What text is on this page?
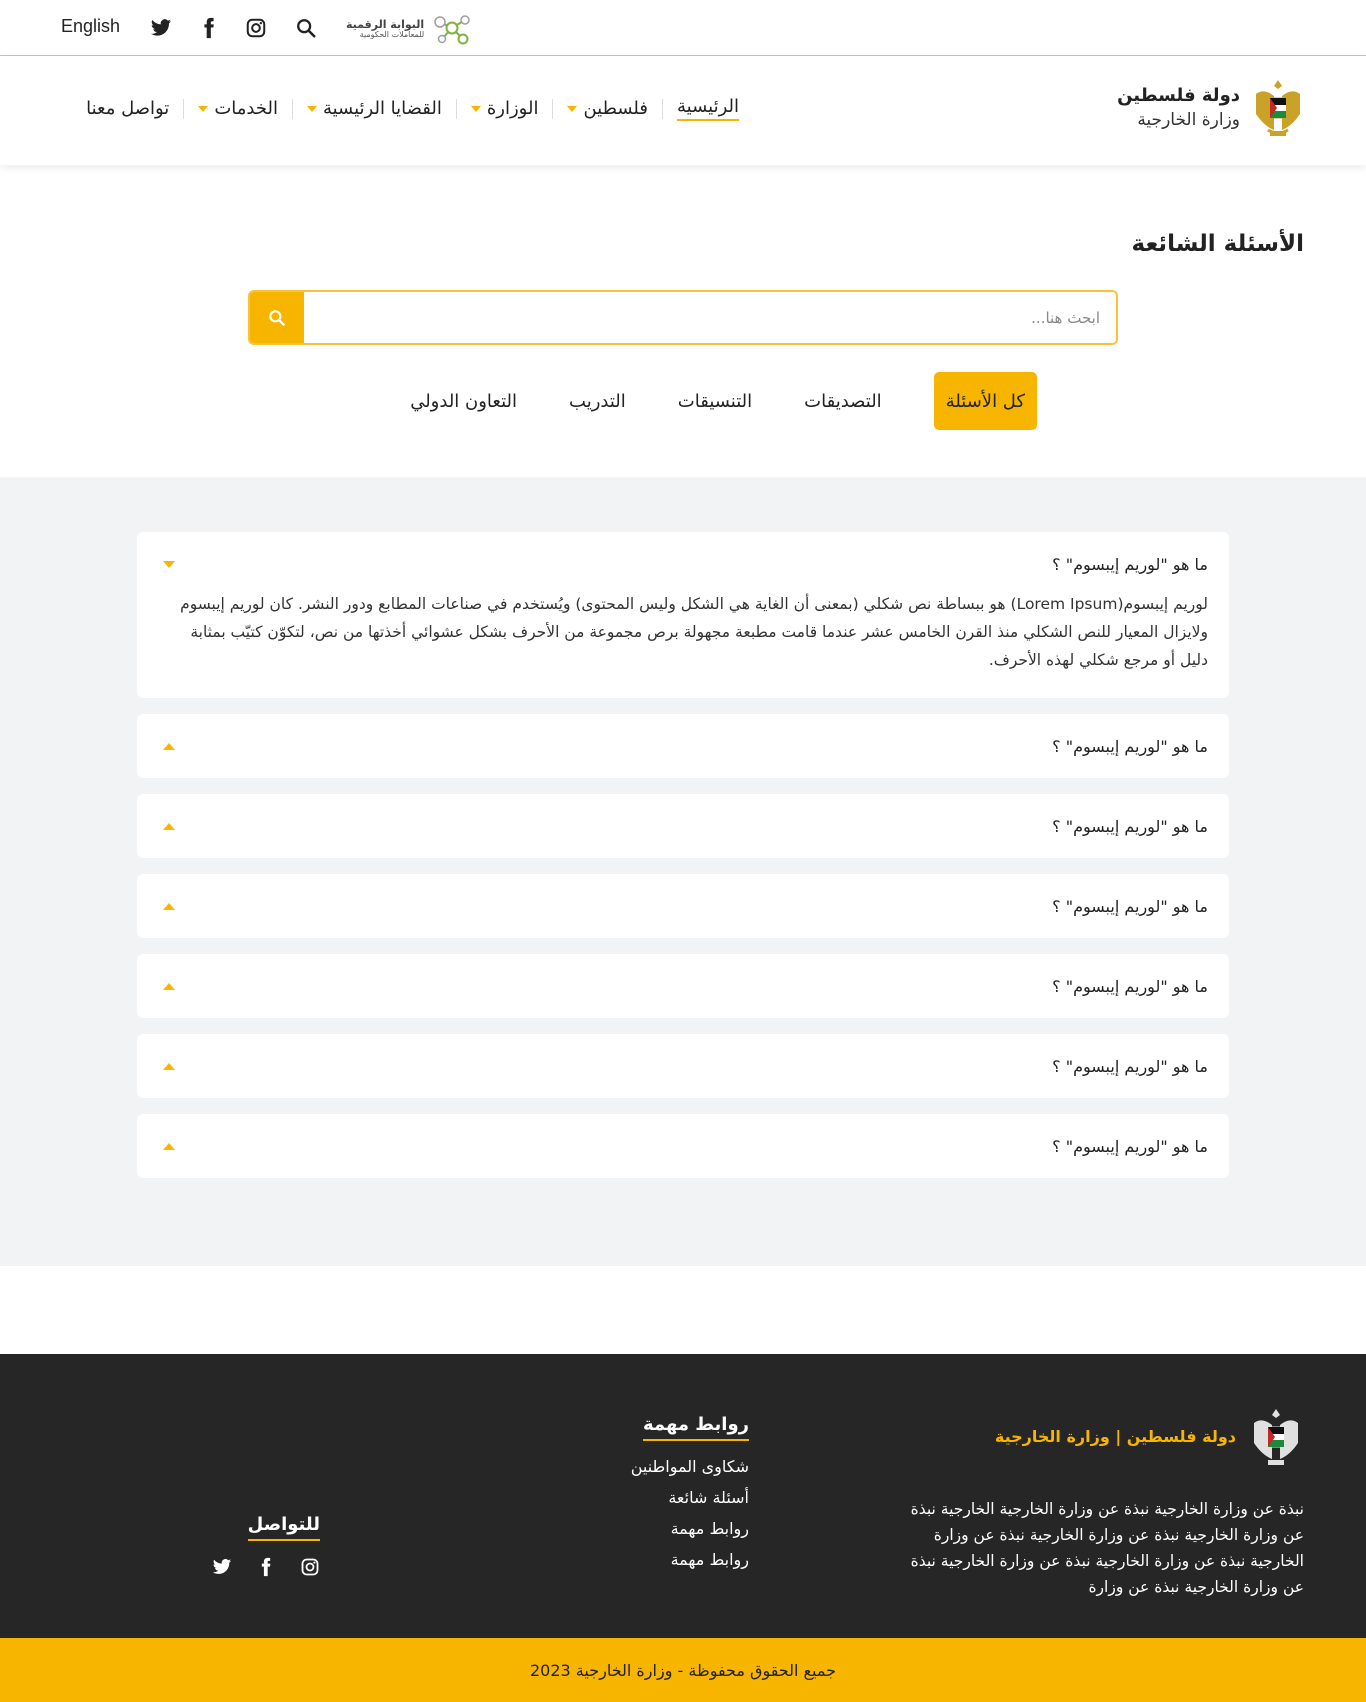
English	البوابة الرقمية
للمعاملات الحكومية
دولة فلسطين
وزارة الخارجية
الرئيسية
فلسطين
الوزارة
القضايا الرئيسية
الخدمات
تواصل معنا
الأسئلة الشائعة
ابحث هنا...
كل الأسئلة
التصديقات
التنسيقات
التدريب
التعاون الدولي
ما هو "لوريم إيبسوم" ؟
لوريم إيبسوم(Lorem Ipsum) هو ببساطة نص شكلي (بمعنى أن الغاية هي الشكل وليس المحتوى) ويُستخدم في صناعات المطابع ودور النشر. كان لوريم إيبسوم ولايزال المعيار للنص الشكلي منذ القرن الخامس عشر عندما قامت مطبعة مجهولة برص مجموعة من الأحرف بشكل عشوائي أخذتها من نص، لتكوّن كتيّب بمثابة دليل أو مرجع شكلي لهذه الأحرف.
ما هو "لوريم إيبسوم" ؟
ما هو "لوريم إيبسوم" ؟
ما هو "لوريم إيبسوم" ؟
ما هو "لوريم إيبسوم" ؟
ما هو "لوريم إيبسوم" ؟
ما هو "لوريم إيبسوم" ؟
دولة فلسطين | وزارة الخارجية

نبذة عن وزارة الخارجية نبذة عن وزارة الخارجية الخارجية نبذة عن وزارة الخارجية نبذة عن وزارة الخارجية نبذة عن وزارة الخارجية نبذة عن وزارة الخارجية نبذة عن وزارة الخارجية نبذة عن وزارة الخارجية نبذة عن وزارة

روابط مهمة
شكاوى المواطنين
أسئلة شائعة
روابط مهمة
روابط مهمة
للتواصل
جميع الحقوق محفوظة - وزارة الخارجية 2023
